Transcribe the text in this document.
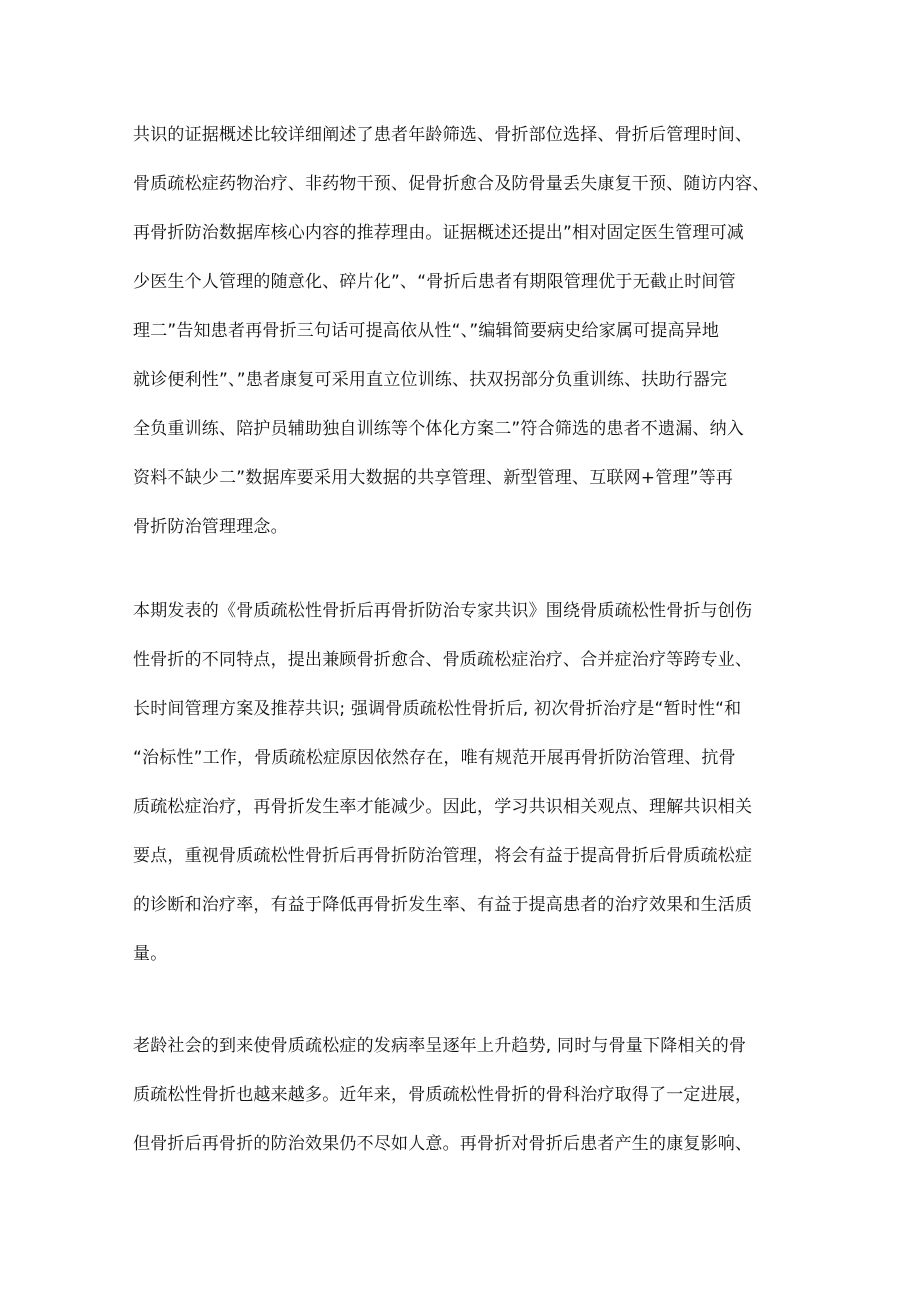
共识的证据概述比较详细阐述了患者年龄筛选、骨折部位选择、骨折后管理时间、

骨质疏松症药物治疗、非药物干预、促骨折愈合及防骨量丢失康复干预、随访内容、

再骨折防治数据库核心内容的推荐理由。证据概述还提出”相对固定医生管理可减

少医生个人管理的随意化、碎片化”、“骨折后患者有期限管理优于无截止时间管

理二”告知患者再骨折三句话可提高依从性“、”编辑简要病史给家属可提高异地

就诊便利性”、”患者康复可采用直立位训练、扶双拐部分负重训练、扶助行器完

全负重训练、陪护员辅助独自训练等个体化方案二”符合筛选的患者不遗漏、纳入

资料不缺少二”数据库要采用大数据的共享管理、新型管理、互联网+管理”等再

骨折防治管理理念。

本期发表的《骨质疏松性骨折后再骨折防治专家共识》围绕骨质疏松性骨折与创伤

性骨折的不同特点，提出兼顾骨折愈合、骨质疏松症治疗、合并症治疗等跨专业、

长时间管理方案及推荐共识; 强调骨质疏松性骨折后, 初次骨折治疗是“暂时性“和

“治标性”工作，骨质疏松症原因依然存在，唯有规范开展再骨折防治管理、抗骨

质疏松症治疗，再骨折发生率才能减少。因此，学习共识相关观点、理解共识相关

要点，重视骨质疏松性骨折后再骨折防治管理，将会有益于提高骨折后骨质疏松症

的诊断和治疗率，有益于降低再骨折发生率、有益于提高患者的治疗效果和生活质

量。

老龄社会的到来使骨质疏松症的发病率呈逐年上升趋势, 同时与骨量下降相关的骨

质疏松性骨折也越来越多。近年来，骨质疏松性骨折的骨科治疗取得了一定进展，

但骨折后再骨折的防治效果仍不尽如人意。再骨折对骨折后患者产生的康复影响、
